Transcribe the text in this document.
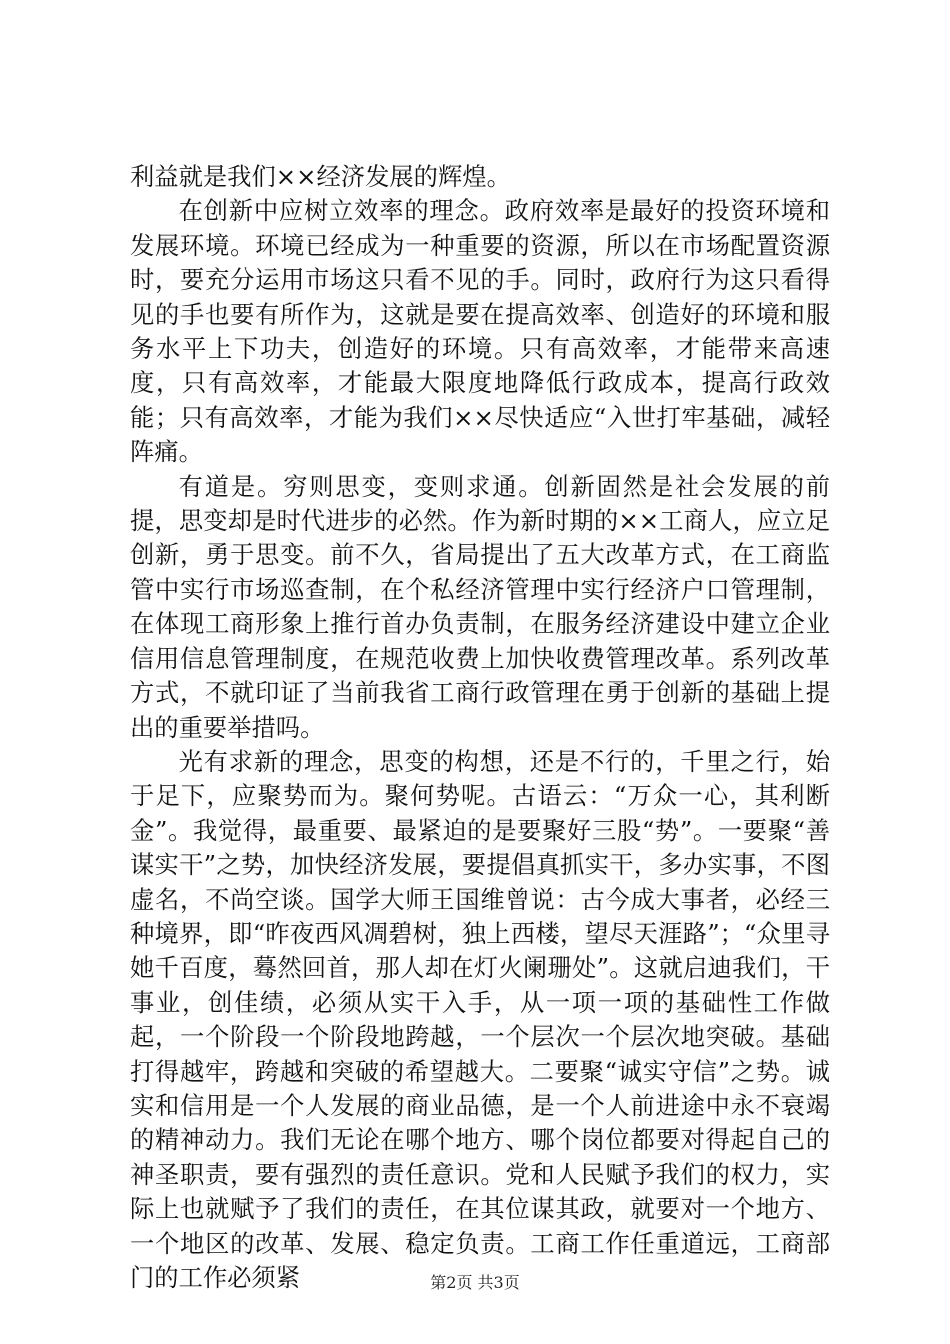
利益就是我们××经济发展的辉煌。

在创新中应树立效率的理念。政府效率是最好的投资环境和发展环境。环境已经成为一种重要的资源，所以在市场配置资源时，要充分运用市场这只看不见的手。同时，政府行为这只看得见的手也要有所作为，这就是要在提高效率、创造好的环境和服务水平上下功夫，创造好的环境。只有高效率，才能带来高速度，只有高效率，才能最大限度地降低行政成本，提高行政效能；只有高效率，才能为我们××尽快适应“入世打牢基础，减轻阵痛。

有道是。穷则思变，变则求通。创新固然是社会发展的前提，思变却是时代进步的必然。作为新时期的××工商人，应立足创新，勇于思变。前不久，省局提出了五大改革方式，在工商监管中实行市场巡查制，在个私经济管理中实行经济户口管理制，在体现工商形象上推行首办负责制，在服务经济建设中建立企业信用信息管理制度，在规范收费上加快收费管理改革。系列改革方式，不就印证了当前我省工商行政管理在勇于创新的基础上提出的重要举措吗。

光有求新的理念，思变的构想，还是不行的，千里之行，始于足下，应聚势而为。聚何势呢。古语云：“万众一心，其利断金”。我觉得，最重要、最紧迫的是要聚好三股“势”。一要聚“善谋实干”之势，加快经济发展，要提倡真抓实干，多办实事，不图虚名，不尚空谈。国学大师王国维曾说：古今成大事者，必经三种境界，即“昨夜西风凋碧树，独上西楼，望尽天涯路”；“众里寻她千百度，蓦然回首，那人却在灯火阑珊处”。这就启迪我们，干事业，创佳绩，必须从实干入手，从一项一项的基础性工作做起，一个阶段一个阶段地跨越，一个层次一个层次地突破。基础打得越牢，跨越和突破的希望越大。二要聚“诚实守信”之势。诚实和信用是一个人发展的商业品德，是一个人前进途中永不衰竭的精神动力。我们无论在哪个地方、哪个岗位都要对得起自己的神圣职责，要有强烈的责任意识。党和人民赋予我们的权力，实际上也就赋予了我们的责任，在其位谋其政，就要对一个地方、一个地区的改革、发展、稳定负责。工商工作任重道远，工商部门的工作必须紧	第2页 共3页
